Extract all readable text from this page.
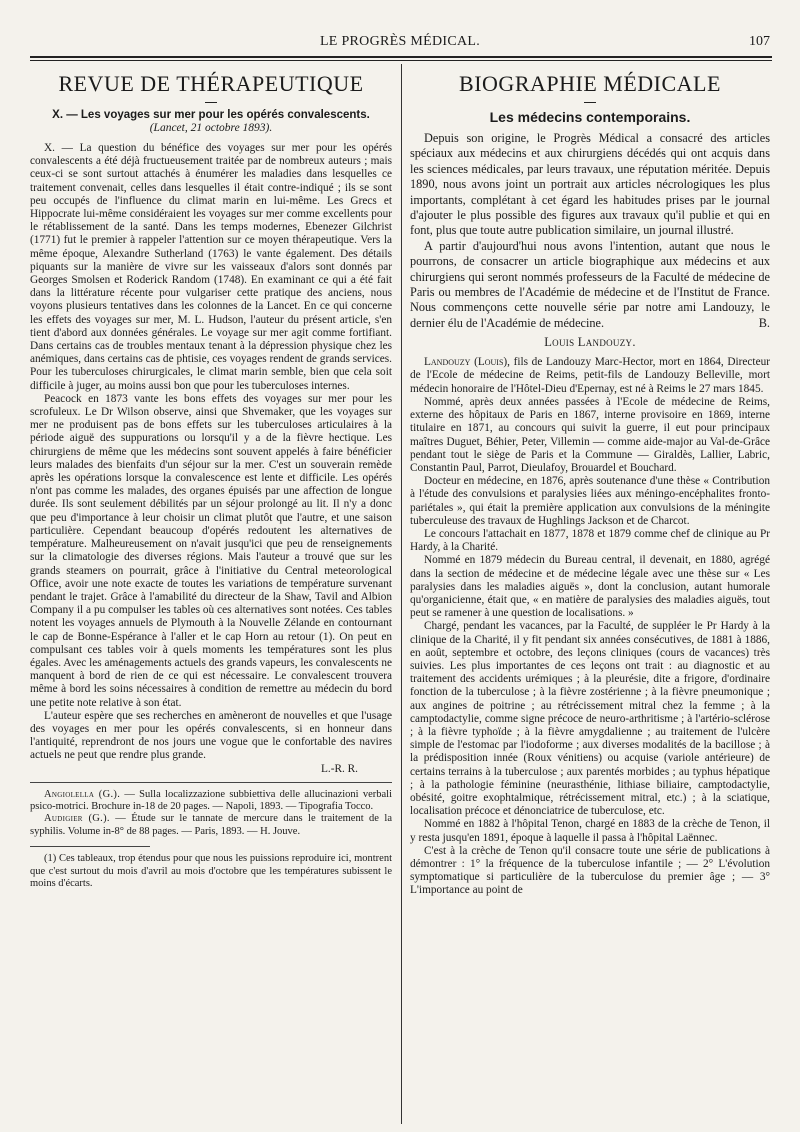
LE PROGRÈS MÉDICAL.	107
REVUE DE THÉRAPEUTIQUE
X. — Les voyages sur mer pour les opérés convalescents.
(Lancet, 21 octobre 1893).

X. — La question du bénéfice des voyages sur mer pour les opérés convalescents a été déjà fructueusement traitée par de nombreux auteurs ; mais ceux-ci se sont surtout attachés à énumérer les maladies dans lesquelles ce traitement convenait, celles dans lesquelles il était contre-indiqué ; ils se sont peu occupés de l'influence du climat marin en lui-même. Les Grecs et Hippocrate lui-même considéraient les voyages sur mer comme excellents pour le rétablissement de la santé. Dans les temps modernes, Ebenezer Gilchrist (1771) fut le premier à rappeler l'attention sur ce moyen thérapeutique. Vers la même époque, Alexandre Sutherland (1763) le vante également. Des détails piquants sur la manière de vivre sur les vaisseaux d'alors sont donnés par Georges Smolsen et Roderick Random (1748). En examinant ce qui a été fait dans la littérature récente pour vulgariser cette pratique des anciens, nous voyons plusieurs tentatives dans les colonnes de la Lancet. En ce qui concerne les effets des voyages sur mer, M. L. Hudson, l'auteur du présent article, s'en tient d'abord aux données générales. Le voyage sur mer agit comme fortifiant. Dans certains cas de troubles mentaux tenant à la dépression physique chez les anémiques, dans certains cas de phtisie, ces voyages rendent de grands services. Pour les tuberculoses chirurgicales, le climat marin semble, bien que cela soit difficile à juger, au moins aussi bon que pour les tuberculoses internes.

Peacock en 1873 vante les bons effets des voyages sur mer pour les scrofuleux. Le Dr Wilson observe, ainsi que Shvemaker, que les voyages sur mer ne produisent pas de bons effets sur les tuberculoses articulaires à la période aiguë des suppurations ou lorsqu'il y a de la fièvre hectique. Les chirurgiens de même que les médecins sont souvent appelés à faire bénéficier leurs malades des bienfaits d'un séjour sur la mer. C'est un souverain remède après les opérations lorsque la convalescence est lente et difficile. Les opérés n'ont pas comme les malades, des organes épuisés par une affection de longue durée. Ils sont seulement débilités par un séjour prolongé au lit. Il n'y a donc que peu d'importance à leur choisir un climat plutôt que l'autre, et une saison particulière. Cependant beaucoup d'opérés redoutent les alternatives de température. Malheureusement on n'avait jusqu'ici que peu de renseignements sur la climatologie des diverses régions. Mais l'auteur a trouvé que sur les grands steamers on pourrait, grâce à l'initiative du Central meteorological Office, avoir une note exacte de toutes les variations de température survenant pendant le trajet. Grâce à l'amabilité du directeur de la Shaw, Tavil and Albion Company il a pu compulser les tables où ces alternatives sont notées. Ces tables notent les voyages annuels de Plymouth à la Nouvelle Zélande en contournant le cap de Bonne-Espérance à l'aller et le cap Horn au retour (1). On peut en compulsant ces tables voir à quels moments les températures sont les plus égales. Avec les aménagements actuels des grands vapeurs, les convalescents ne manquent à bord de rien de ce qui est nécessaire. Le convalescent trouvera même à bord les soins nécessaires à condition de remettre au médecin du bord une petite note relative à son état.

L'auteur espère que ses recherches en amèneront de nouvelles et que l'usage des voyages en mer pour les opérés convalescents, si en honneur dans l'antiquité, reprendront de nos jours une vogue que le confortable des navires actuels ne peut que rendre plus grande.

L.-R. R.
Angiolella (G.). — Sulla localizzazione subbiettiva delle allucinazioni verbali psico-motrici. Brochure in-18 de 20 pages. — Napoli, 1893. — Tipografia Tocco.
Audigier (G.). — Étude sur le tannate de mercure dans le traitement de la syphilis. Volume in-8° de 88 pages. — Paris, 1893. — H. Jouve.
(1) Ces tableaux, trop étendus pour que nous les puissions reproduire ici, montrent que c'est surtout du mois d'avril au mois d'octobre que les températures subissent le moins d'écarts.
BIOGRAPHIE MÉDICALE
Les médecins contemporains.

Depuis son origine, le Progrès Médical a consacré des articles spéciaux aux médecins et aux chirurgiens décédés qui ont acquis dans les sciences médicales, par leurs travaux, une réputation méritée. Depuis 1890, nous avons joint un portrait aux articles nécrologiques les plus importants, complétant à cet égard les habitudes prises par le journal d'ajouter le plus possible des figures aux travaux qu'il publie et qui en font, plus que toute autre publication similaire, un journal illustré.

A partir d'aujourd'hui nous avons l'intention, autant que nous le pourrons, de consacrer un article biographique aux médecins et aux chirurgiens qui seront nommés professeurs de la Faculté de médecine de Paris ou membres de l'Académie de médecine et de l'Institut de France. Nous commençons cette nouvelle série par notre ami Landouzy, le dernier élu de l'Académie de médecine.	B.

Louis Landouzy.

Landouzy (Louis), fils de Landouzy Marc-Hector, mort en 1864, Directeur de l'Ecole de médecine de Reims, petit-fils de Landouzy Belleville, mort médecin honoraire de l'Hôtel-Dieu d'Epernay, est né à Reims le 27 mars 1845.

Nommé, après deux années passées à l'Ecole de médecine de Reims, externe des hôpitaux de Paris en 1867, interne provisoire en 1869, interne titulaire en 1871, au concours qui suivit la guerre, il eut pour principaux maîtres Duguet, Béhier, Peter, Villemin — comme aide-major au Val-de-Grâce pendant tout le siège de Paris et la Commune — Giraldès, Lallier, Labric, Constantin Paul, Parrot, Dieulafoy, Brouardel et Bouchard.

Docteur en médecine, en 1876, après soutenance d'une thèse « Contribution à l'étude des convulsions et paralysies liées aux méningo-encéphalites fronto-pariétales », qui était la première application aux convulsions de la méningite tuberculeuse des travaux de Hughlings Jackson et de Charcot.

Le concours l'attachait en 1877, 1878 et 1879 comme chef de clinique au Pr Hardy, à la Charité.

Nommé en 1879 médecin du Bureau central, il devenait, en 1880, agrégé dans la section de médecine et de médecine légale avec une thèse sur « Les paralysies dans les maladies aiguës », dont la conclusion, autant humorale qu'organicienne, était que, « en matière de paralysies des maladies aiguës, tout peut se ramener à une question de localisations. »

Chargé, pendant les vacances, par la Faculté, de suppléer le Pr Hardy à la clinique de la Charité, il y fit pendant six années consécutives, de 1881 à 1886, en août, septembre et octobre, des leçons cliniques (cours de vacances) très suivies. Les plus importantes de ces leçons ont trait : au diagnostic et au traitement des accidents urémiques ; à la pleurésie, dite a frigore, d'ordinaire fonction de la tuberculose ; à la fièvre zostérienne ; à la fièvre pneumonique ; aux angines de poitrine ; au rétrécissement mitral chez la femme ; à la camptodactylie, comme signe précoce de neuro-arthritisme ; à l'artério-sclérose ; à la fièvre typhoïde ; à la fièvre amygdalienne ; au traitement de l'ulcère simple de l'estomac par l'iodoforme ; aux diverses modalités de la bacillose ; à la prédisposition innée (Roux vénitiens) ou acquise (variole antérieure) de certains terrains à la tuberculose ; aux parentés morbides ; au typhus hépatique ; à la pathologie féminine (neurasthénie, lithiase biliaire, camptodactylie, obésité, goitre exophtalmique, rétrécissement mitral, etc.) ; à la sciatique, localisation précoce et dénonciatrice de tuberculose, etc.

Nommé en 1882 à l'hôpital Tenon, chargé en 1883 de la crèche de Tenon, il y resta jusqu'en 1891, époque à laquelle il passa à l'hôpital Laënnec.

C'est à la crèche de Tenon qu'il consacre toute une série de publications à démontrer : 1° la fréquence de la tuberculose infantile ; — 2° L'évolution symptomatique si particulière de la tuberculose du premier âge ; — 3° L'importance au point de
